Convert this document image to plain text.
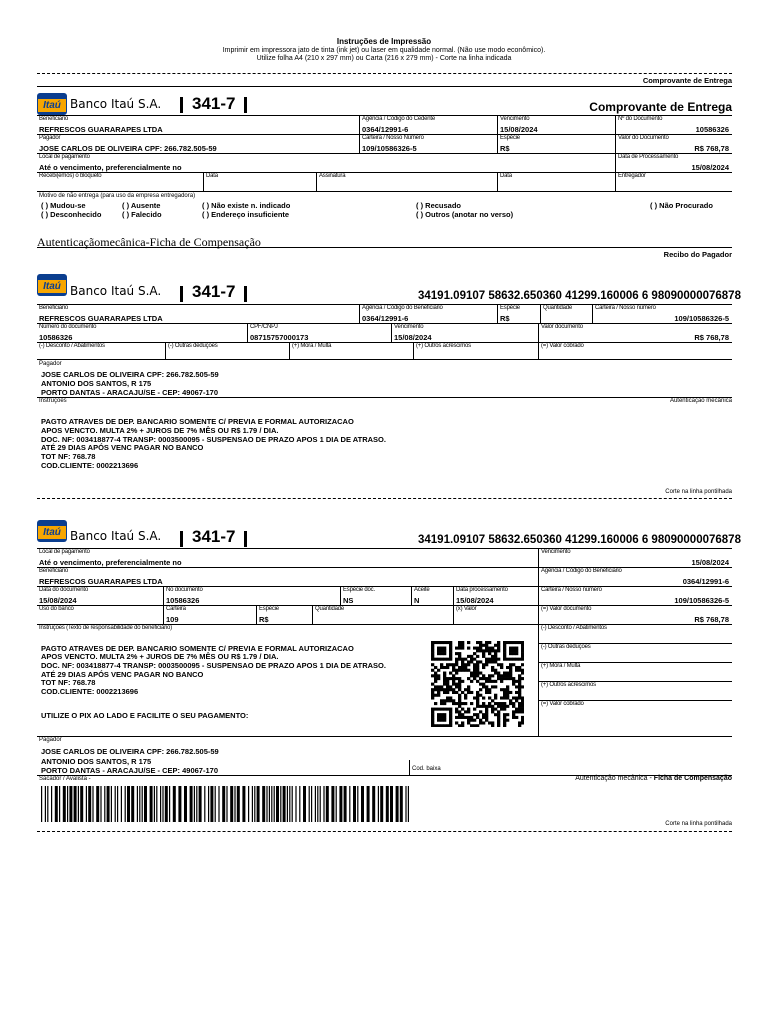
Instruções de Impressão
Imprimir em impressora jato de tinta (ink jet) ou laser em qualidade normal. (Não use modo econômico).
Utilize folha A4 (210 x 297 mm) ou Carta (216 x 279 mm) - Corte na linha indicada
Comprovante de Entrega
Itaú Banco Itaú S.A. 341-7	Comprovante de Entrega
Beneficiário
REFRESCOS GUARARAPES LTDA
Agência / Código do Cedente
0364/12991-6
Vencimento
15/08/2024
Nº do Documento
10586326
Pagador
JOSE CARLOS DE OLIVEIRA CPF: 266.782.505-59
Carteira / Nosso Número
109/10586326-5
Espécie
R$
Valor do Documento
R$ 768,78
Local de pagamento
Até o vencimento, preferencialmente no
Data de Processamento
15/08/2024
Recebi(emos) o bloqueto	Data	Assinatura	Data	Entregador
Motivo de não entrega (para uso da empresa entregadora)
( ) Mudou-se	( ) Ausente	( ) Não existe n. indicado	( ) Recusado	( ) Não Procurado
( ) Desconhecido	( ) Falecido	( ) Endereço insuficiente	( ) Outros (anotar no verso)
Autenticaçãomecânica-Ficha de Compensação
Recibo do Pagador
Itaú Banco Itaú S.A. 341-7	34191.09107 58632.650360 41299.160006 6 98090000076878
Beneficiário
REFRESCOS GUARARAPES LTDA
Agência / Código do Beneficiário
0364/12991-6
Espécie
R$
Quantidade	Carteira / Nosso número
109/10586326-5
Número do documento
10586326
CPF/CNPJ
08715757000173
Vencimento
15/08/2024
Valor documento
R$ 768,78
(-) Desconto / Abatimentos	(-) Outras deduções	(+) Mora / Multa	(+) Outros acréscimos	(=) Valor cobrado
Pagador
JOSE CARLOS DE OLIVEIRA CPF: 266.782.505-59
ANTONIO DOS SANTOS, R 175
PORTO DANTAS - ARACAJU/SE - CEP: 49067-170
Instruções	Autenticação mecânica
PAGTO ATRAVES DE DEP. BANCARIO SOMENTE C/ PREVIA E FORMAL AUTORIZACAO
APOS VENCTO. MULTA 2% + JUROS DE 7% MÊS OU R$ 1.79 / DIA.
DOC. NF: 003418877-4 TRANSP: 0003500095 - SUSPENSAO DE PRAZO APOS 1 DIA DE ATRASO.
ATÉ 29 DIAS APÓS VENC PAGAR NO BANCO
TOT NF: 768.78
COD.CLIENTE: 0002213696
Corte na linha pontilhada
Itaú Banco Itaú S.A. 341-7	34191.09107 58632.650360 41299.160006 6 98090000076878
Local de pagamento
Até o vencimento, preferencialmente no
Vencimento
15/08/2024
Beneficiário
REFRESCOS GUARARAPES LTDA
Agência / Código do Beneficiário
0364/12991-6
Data do documento
15/08/2024
No documento
10586326
Espécie doc.
NS
Aceite
N
Data processamento
15/08/2024
Carteira / Nosso número
109/10586326-5
Uso do banco	Carteira
109
Espécie
R$
Quantidade	(x) Valor	(=) Valor documento
R$ 768,78
Instruções (Texto de responsabilidade do beneficiário)	(-) Desconto / Abatimentos
(-) Outras deduções
(+) Mora / Multa
(+) Outros acréscimos
(=) Valor cobrado
PAGTO ATRAVES DE DEP. BANCARIO SOMENTE C/ PREVIA E FORMAL AUTORIZACAO
APOS VENCTO. MULTA 2% + JUROS DE 7% MÊS OU R$ 1.79 / DIA.
DOC. NF: 003418877-4 TRANSP: 0003500095 - SUSPENSAO DE PRAZO APOS 1 DIA DE ATRASO.
ATÉ 29 DIAS APÓS VENC PAGAR NO BANCO
TOT NF: 768.78
COD.CLIENTE: 0002213696
UTILIZE O PIX AO LADO E FACILITE O SEU PAGAMENTO:
Pagador
JOSE CARLOS DE OLIVEIRA CPF: 266.782.505-59
ANTONIO DOS SANTOS, R 175
PORTO DANTAS - ARACAJU/SE - CEP: 49067-170	Cod. baixa
Sacador / Avalista -	Autenticação mecânica - Ficha de Compensação
Corte na linha pontilhada
